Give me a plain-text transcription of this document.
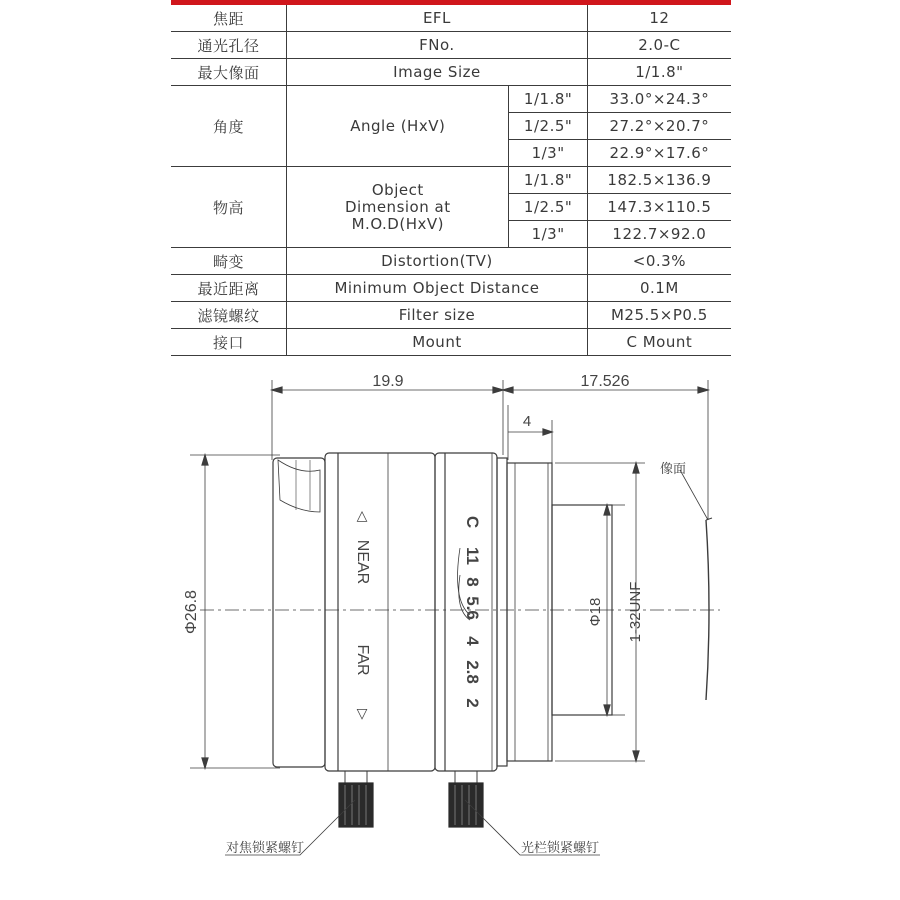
焦距	EFL		12
通光孔径	FNo.		2.0-C
最大像面	Image Size		1/1.8"
角度	Angle (HxV)	1/1.8"	33.0°×24.3°
		1/2.5"	27.2°×20.7°
		1/3"	22.9°×17.6°
物高	Object
Dimension at
M.O.D(HxV)	1/1.8"	182.5×136.9
		1/2.5"	147.3×110.5
		1/3"	122.7×92.0
畸变	Distortion(TV)		<0.3%
最近距离	Minimum Object Distance		0.1M
滤镜螺纹	Filter size		M25.5×P0.5
接口	Mount		C Mount
19.9	17.526
4
Φ26.8	Φ18 1-32UNF
像面
△
NEAR
FAR
▽
C
11
8
5.6
4
2.8
2
对焦锁紧螺钉	光栏锁紧螺钉
